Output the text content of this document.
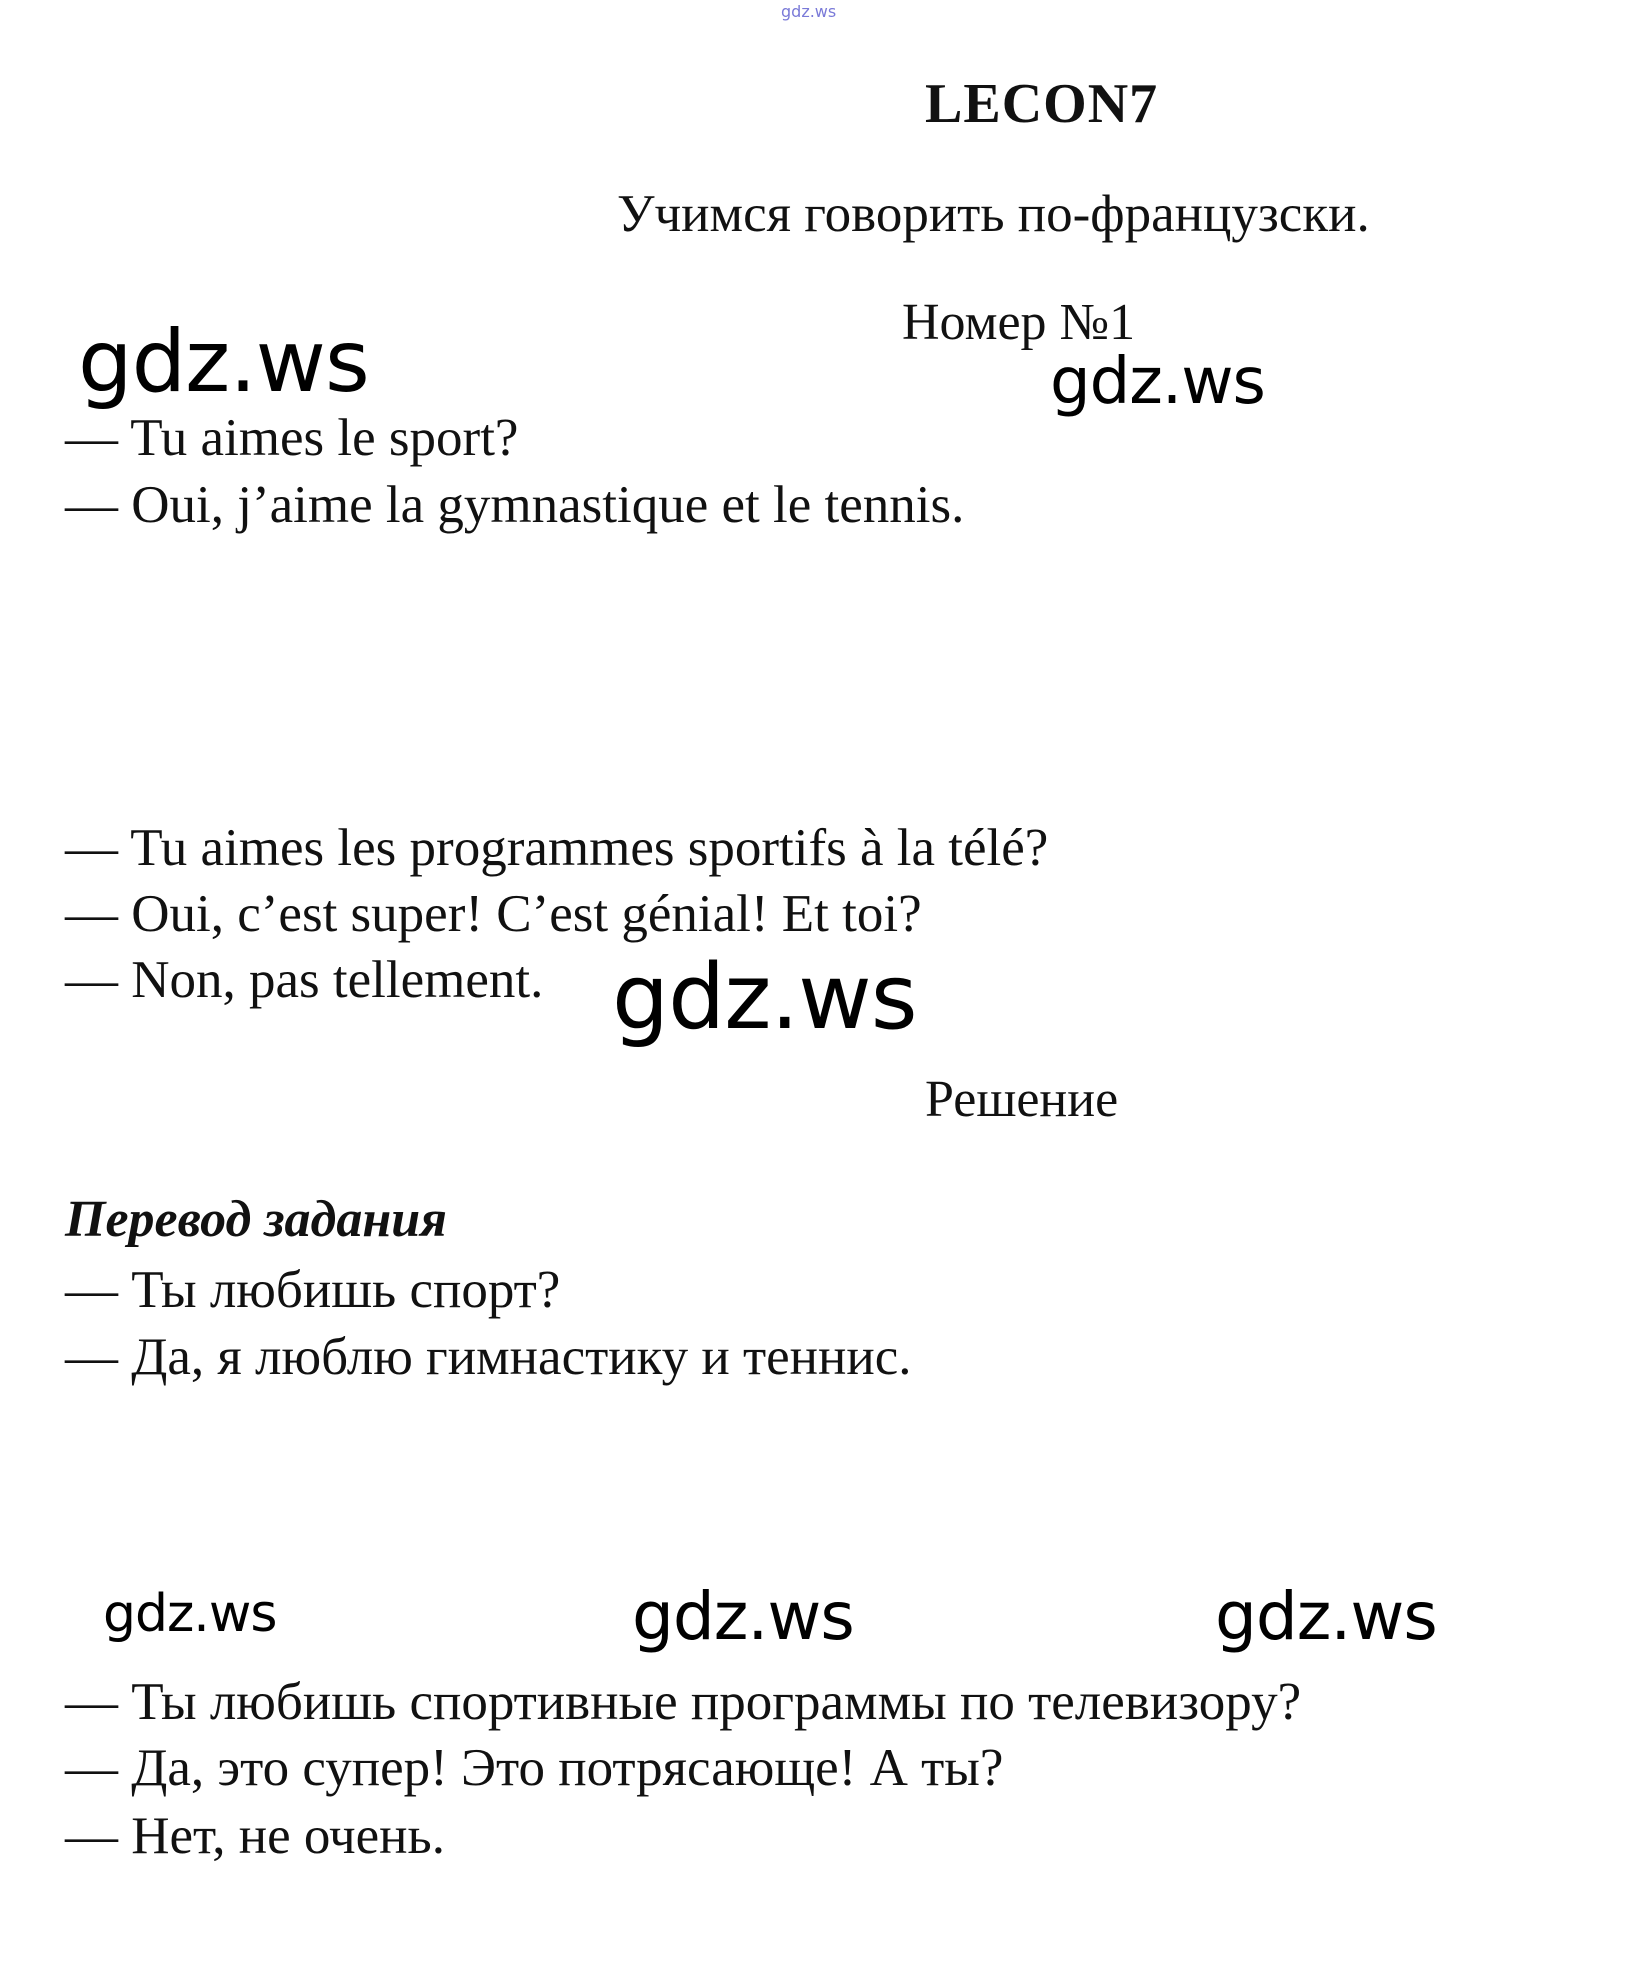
gdz.ws
LECON7
Учимся говорить по-французски.
Номер №1
gdz.ws	gdz.ws
— Tu aimes le sport?
— Oui, j’aime la gymnastique et le tennis.
— Tu aimes les programmes sportifs à la télé?
— Oui, c’est super! C’est génial! Et toi?
— Non, pas tellement. gdz.ws
Решение
Перевод задания
— Ты любишь спорт?
— Да, я люблю гимнастику и теннис.
gdz.ws	gdz.ws	gdz.ws
— Ты любишь спортивные программы по телевизору?
— Да, это супер! Это потрясающе! А ты?
— Нет, не очень.
